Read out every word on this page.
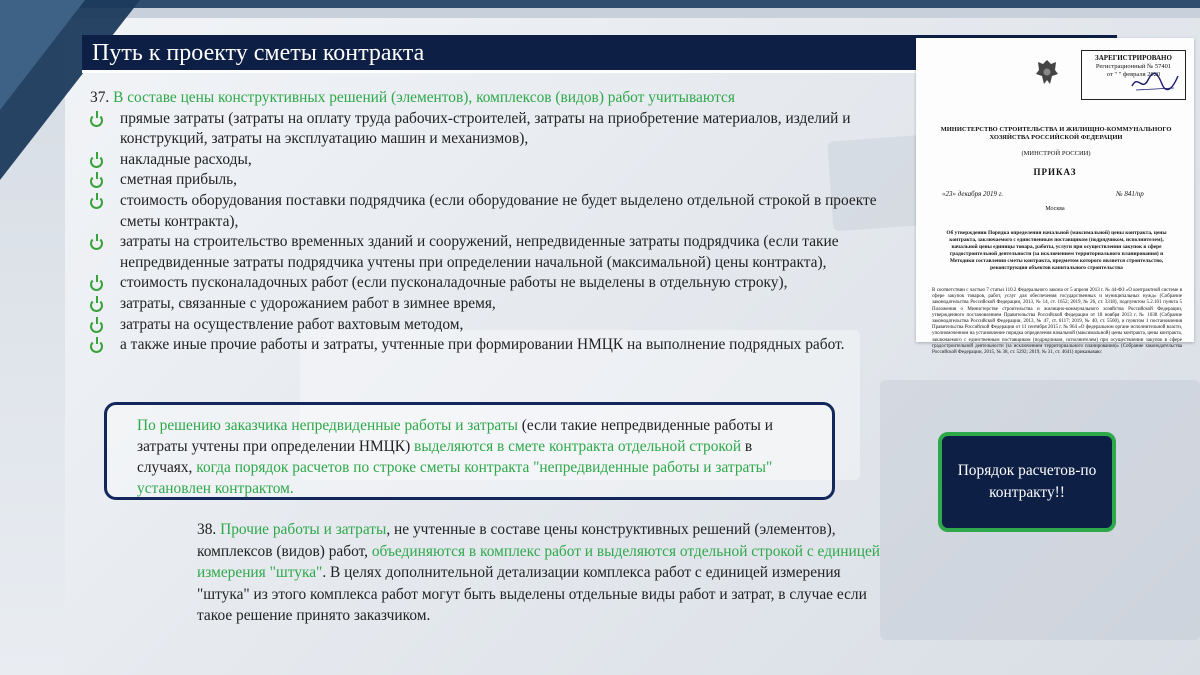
Путь к проекту сметы контракта
37. В составе цены конструктивных решений (элементов), комплексов (видов) работ учитываются
прямые затраты (затраты на оплату труда рабочих-строителей, затраты на приобретение материалов, изделий и конструкций, затраты на эксплуатацию машин и механизмов),
накладные расходы,
сметная прибыль,
стоимость оборудования поставки подрядчика (если оборудование не будет выделено отдельной строкой в проекте сметы контракта),
затраты на строительство временных зданий и сооружений, непредвиденные затраты подрядчика (если такие непредвиденные затраты подрядчика учтены при определении начальной (максимальной) цены контракта),
стоимость пусконаладочных работ (если пусконаладочные работы не выделены в отдельную строку),
затраты, связанные с удорожанием работ в зимнее время,
затраты на осуществление работ вахтовым методом,
а также иные прочие работы и затраты, учтенные при формировании НМЦК на выполнение подрядных работ.
По решению заказчика непредвиденные работы и затраты (если такие непредвиденные работы и затраты учтены при определении НМЦК) выделяются в смете контракта отдельной строкой в случаях, когда порядок расчетов по строке сметы контракта "непредвиденные работы и затраты" установлен контрактом.
38. Прочие работы и затраты, не учтенные в составе цены конструктивных решений (элементов), комплексов (видов) работ, объединяются в комплекс работ и выделяются отдельной строкой с единицей измерения "штука". В целях дополнительной детализации комплекса работ с единицей измерения "штука" из этого комплекса работ могут быть выделены отдельные виды работ и затрат, в случае если такое решение принято заказчиком.
ЗАРЕГИСТРИРОВАНО
Регистрационный № 57401
от " " февраля 2020
МИНИСТЕРСТВО СТРОИТЕЛЬСТВА И ЖИЛИЩНО-КОММУНАЛЬНОГО ХОЗЯЙСТВА РОССИЙСКОЙ ФЕДЕРАЦИИ
(МИНСТРОЙ РОССИИ)
ПРИКАЗ
«23» декабря 2019 г.	№ 841/пр
Москва
Об утверждении Порядка определения начальной (максимальной) цены контракта, цены контракта, заключаемого с единственным поставщиком (подрядчиком, исполнителем), начальной цены единицы товара, работы, услуги при осуществлении закупок в сфере градостроительной деятельности (за исключением территориального планирования) и Методики составления сметы контракта, предметом которого является строительство, реконструкция объектов капитального строительства
В соответствии с частью 7 статьи 110.2 Федерального закона от 5 апреля 2013 г. № 44-ФЗ «О контрактной системе в сфере закупок товаров, работ, услуг для обеспечения государственных и муниципальных нужд» (Собрание законодательства Российской Федерации, 2013, № 14, ст. 1652; 2019, № 26, ст. 3318), подпунктом 5.2.101 пункта 5 Положения о Министерстве строительства и жилищно-коммунального хозяйства Российской Федерации, утвержденного постановлением Правительства Российской Федерации от 18 ноября 2013 г. № 1038 (Собрание законодательства Российской Федерации, 2013, № 47, ст. 6117; 2019, № 40, ст. 5560), и пунктом 1 постановления Правительства Российской Федерации от 11 сентября 2015 г. № 964 «О федеральном органе исполнительной власти, уполномоченном на установление порядка определения начальной (максимальной) цены контракта, цены контракта, заключаемого с единственным поставщиком (подрядчиком, исполнителем) при осуществлении закупок в сфере градостроительной деятельности (за исключением территориального планирования)» (Собрание законодательства Российской Федерации, 2015, № 38, ст. 5292; 2019, № 31, ст. 4641) приказываю:
Порядок расчетов-по контракту!!
